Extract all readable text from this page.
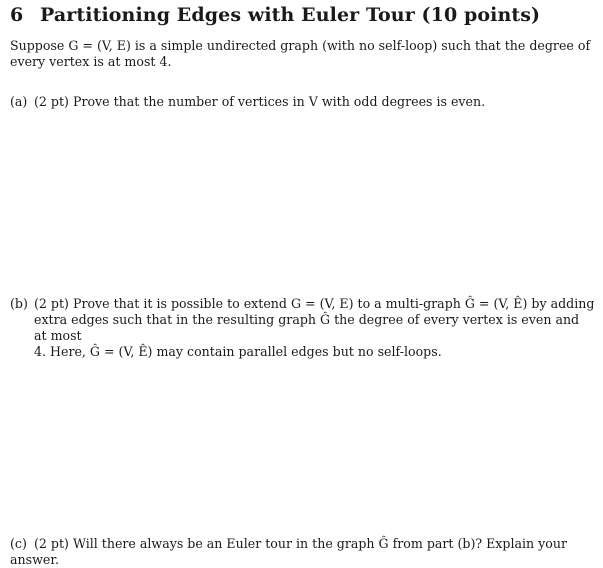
6 Partitioning Edges with Euler Tour (10 points)
Suppose G = (V, E) is a simple undirected graph (with no self-loop) such that the degree of every vertex is at most 4.
(a) (2 pt) Prove that the number of vertices in V with odd degrees is even.
(b) (2 pt) Prove that it is possible to extend G = (V, E) to a multi-graph Ĝ = (V, Ê) by adding
extra edges such that in the resulting graph Ĝ the degree of every vertex is even and at most
4. Here, Ĝ = (V, Ê) may contain parallel edges but no self-loops.
(c) (2 pt) Will there always be an Euler tour in the graph Ĝ from part (b)? Explain your answer.
